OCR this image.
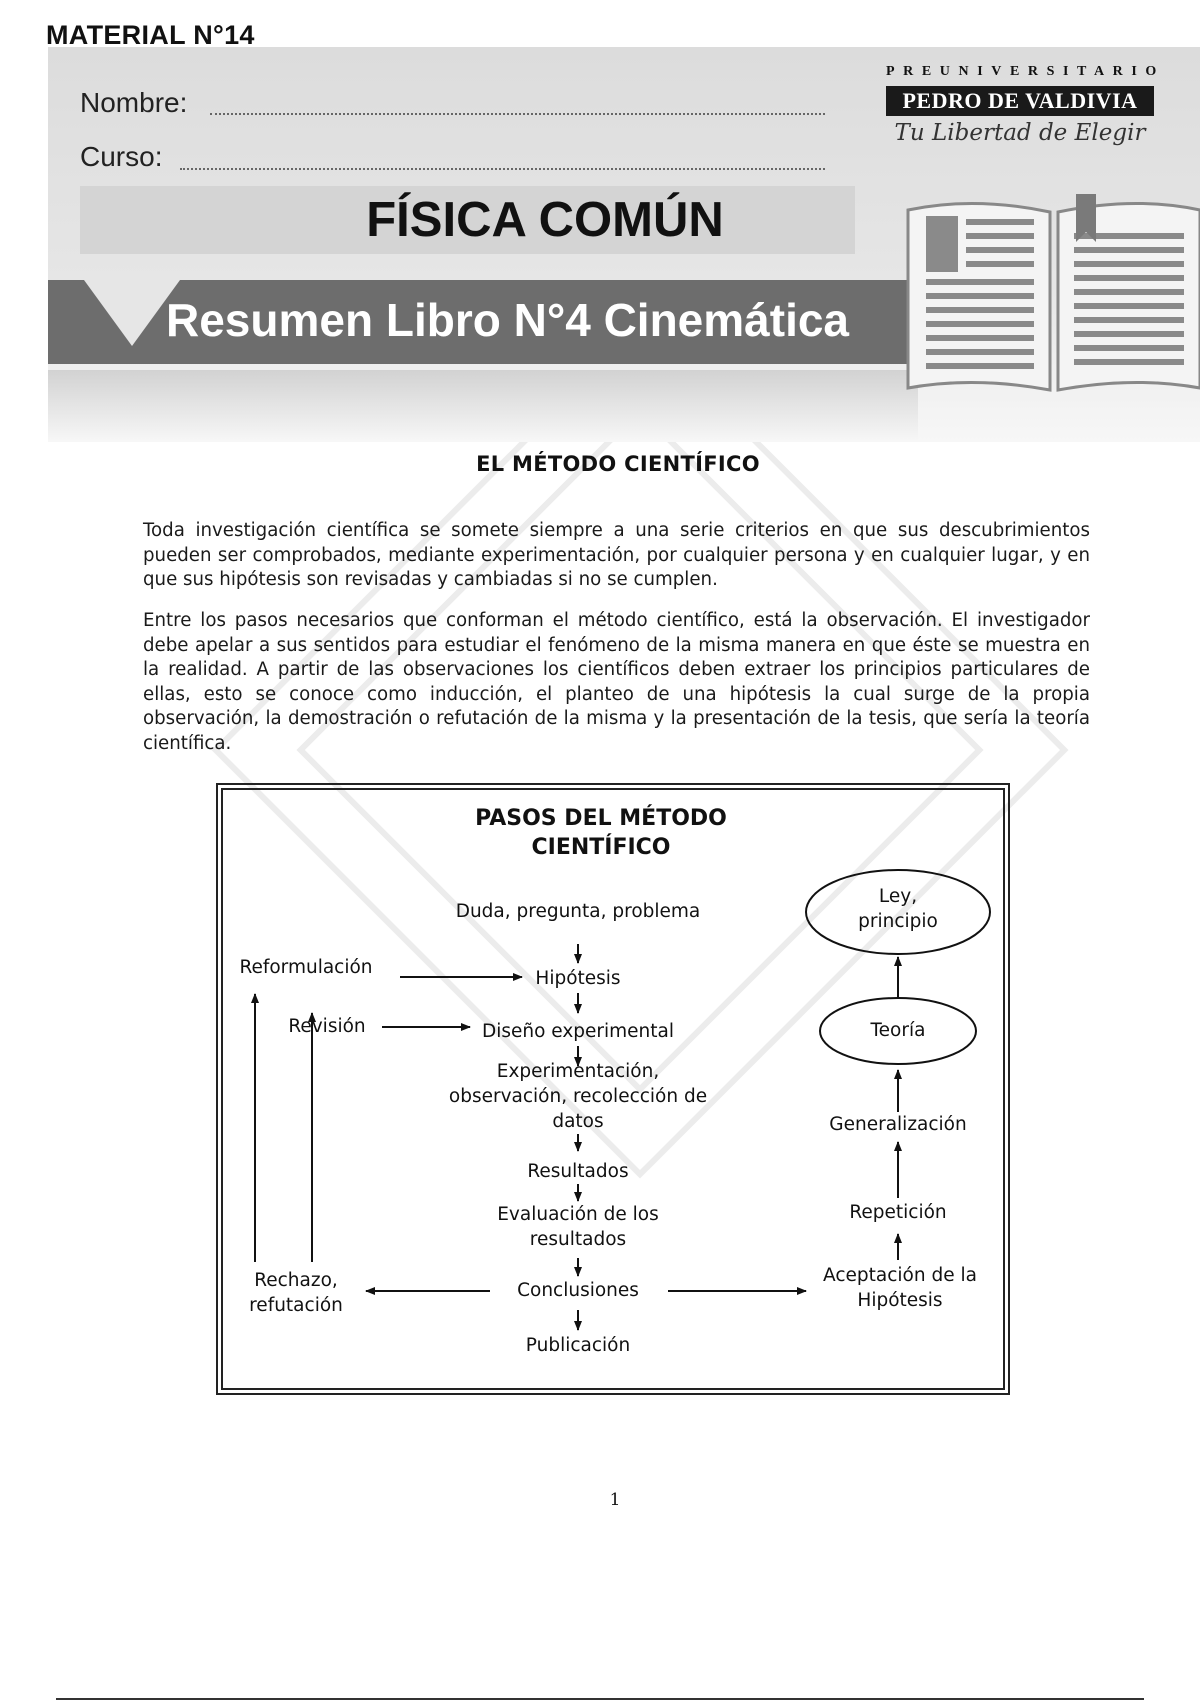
MATERIAL N°14
Nombre:
Curso:
FÍSICA COMÚN
Resumen Libro N°4 Cinemática
PREUNIVERSITARIO
PEDRO DE VALDIVIA
Tu Libertad de Elegir
EL MÉTODO CIENTÍFICO
Toda investigación científica se somete siempre a una serie criterios en que sus descubrimientos pueden ser comprobados, mediante experimentación, por cualquier persona y en cualquier lugar, y en que sus hipótesis son revisadas y cambiadas si no se cumplen.
Entre los pasos necesarios que conforman el método científico, está la observación. El investigador debe apelar a sus sentidos para estudiar el fenómeno de la misma manera en que éste se muestra en la realidad. A partir de las observaciones los científicos deben extraer los principios particulares de ellas, esto se conoce como inducción, el planteo de una hipótesis la cual surge de la propia observación, la demostración o refutación de la misma y la presentación de la tesis, que sería la teoría científica.
PASOS DEL MÉTODO
CIENTÍFICO
Duda, pregunta, problema
Hipótesis
Diseño experimental
Experimentación,
observación, recolección de
datos
Resultados
Evaluación de los
resultados
Conclusiones
Publicación
Reformulación
Revisión
Rechazo,
refutación
Ley,
principio
Teoría
Generalización
Repetición
Aceptación de la
Hipótesis
1
